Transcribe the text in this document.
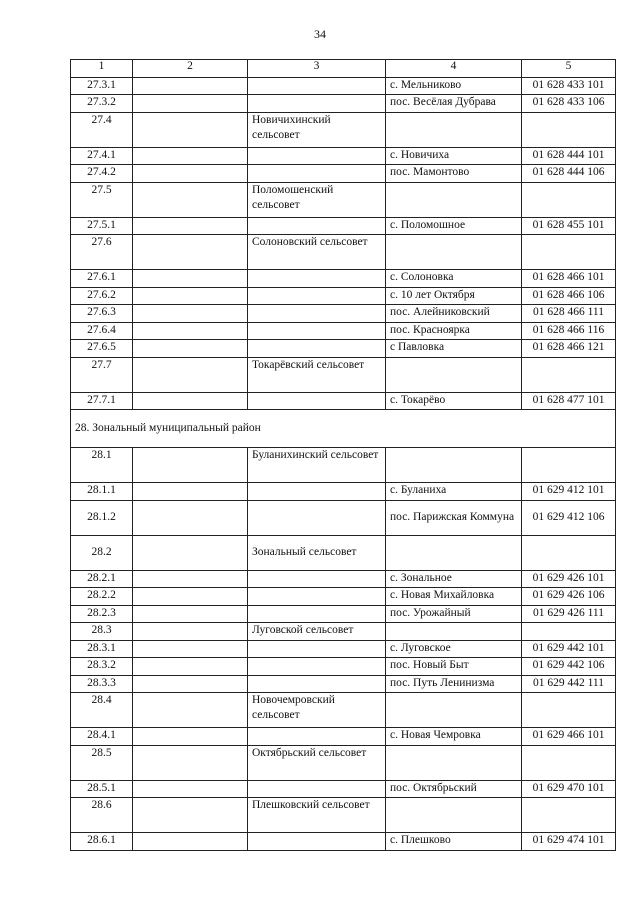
34
1	2	3	4	5
27.3.1			с. Мельниково	01 628 433 101
27.3.2			пос. Весёлая Дубрава	01 628 433 106
27.4		Новичихинский сельсовет		
27.4.1			с. Новичиха	01 628 444 101
27.4.2			пос. Мамонтово	01 628 444 106
27.5		Поломошенский сельсовет		
27.5.1			с. Поломошное	01 628 455 101
27.6		Солоновский сельсовет		
27.6.1			с. Солоновка	01 628 466 101
27.6.2			с. 10 лет Октября	01 628 466 106
27.6.3			пос. Алейниковский	01 628 466 111
27.6.4			пос. Красноярка	01 628 466 116
27.6.5			с Павловка	01 628 466 121
27.7		Токарёвский сельсовет		
27.7.1			с. Токарёво	01 628 477 101
28. Зональный муниципальный район				
28.1		Буланихинский сельсовет		
28.1.1			с. Буланиха	01 629 412 101
28.1.2			пос. Парижская Коммуна	01 629 412 106
28.2		Зональный сельсовет		
28.2.1			с. Зональное	01 629 426 101
28.2.2			с. Новая Михайловка	01 629 426 106
28.2.3			пос. Урожайный	01 629 426 111
28.3		Луговской сельсовет		
28.3.1			с. Луговское	01 629 442 101
28.3.2			пос. Новый Быт	01 629 442 106
28.3.3			пос. Путь Ленинизма	01 629 442 111
28.4		Новочемровский сельсовет		
28.4.1			с. Новая Чемровка	01 629 466 101
28.5		Октябрьский сельсовет		
28.5.1			пос. Октябрьский	01 629 470 101
28.6		Плешковский сельсовет		
28.6.1			с. Плешково	01 629 474 101
